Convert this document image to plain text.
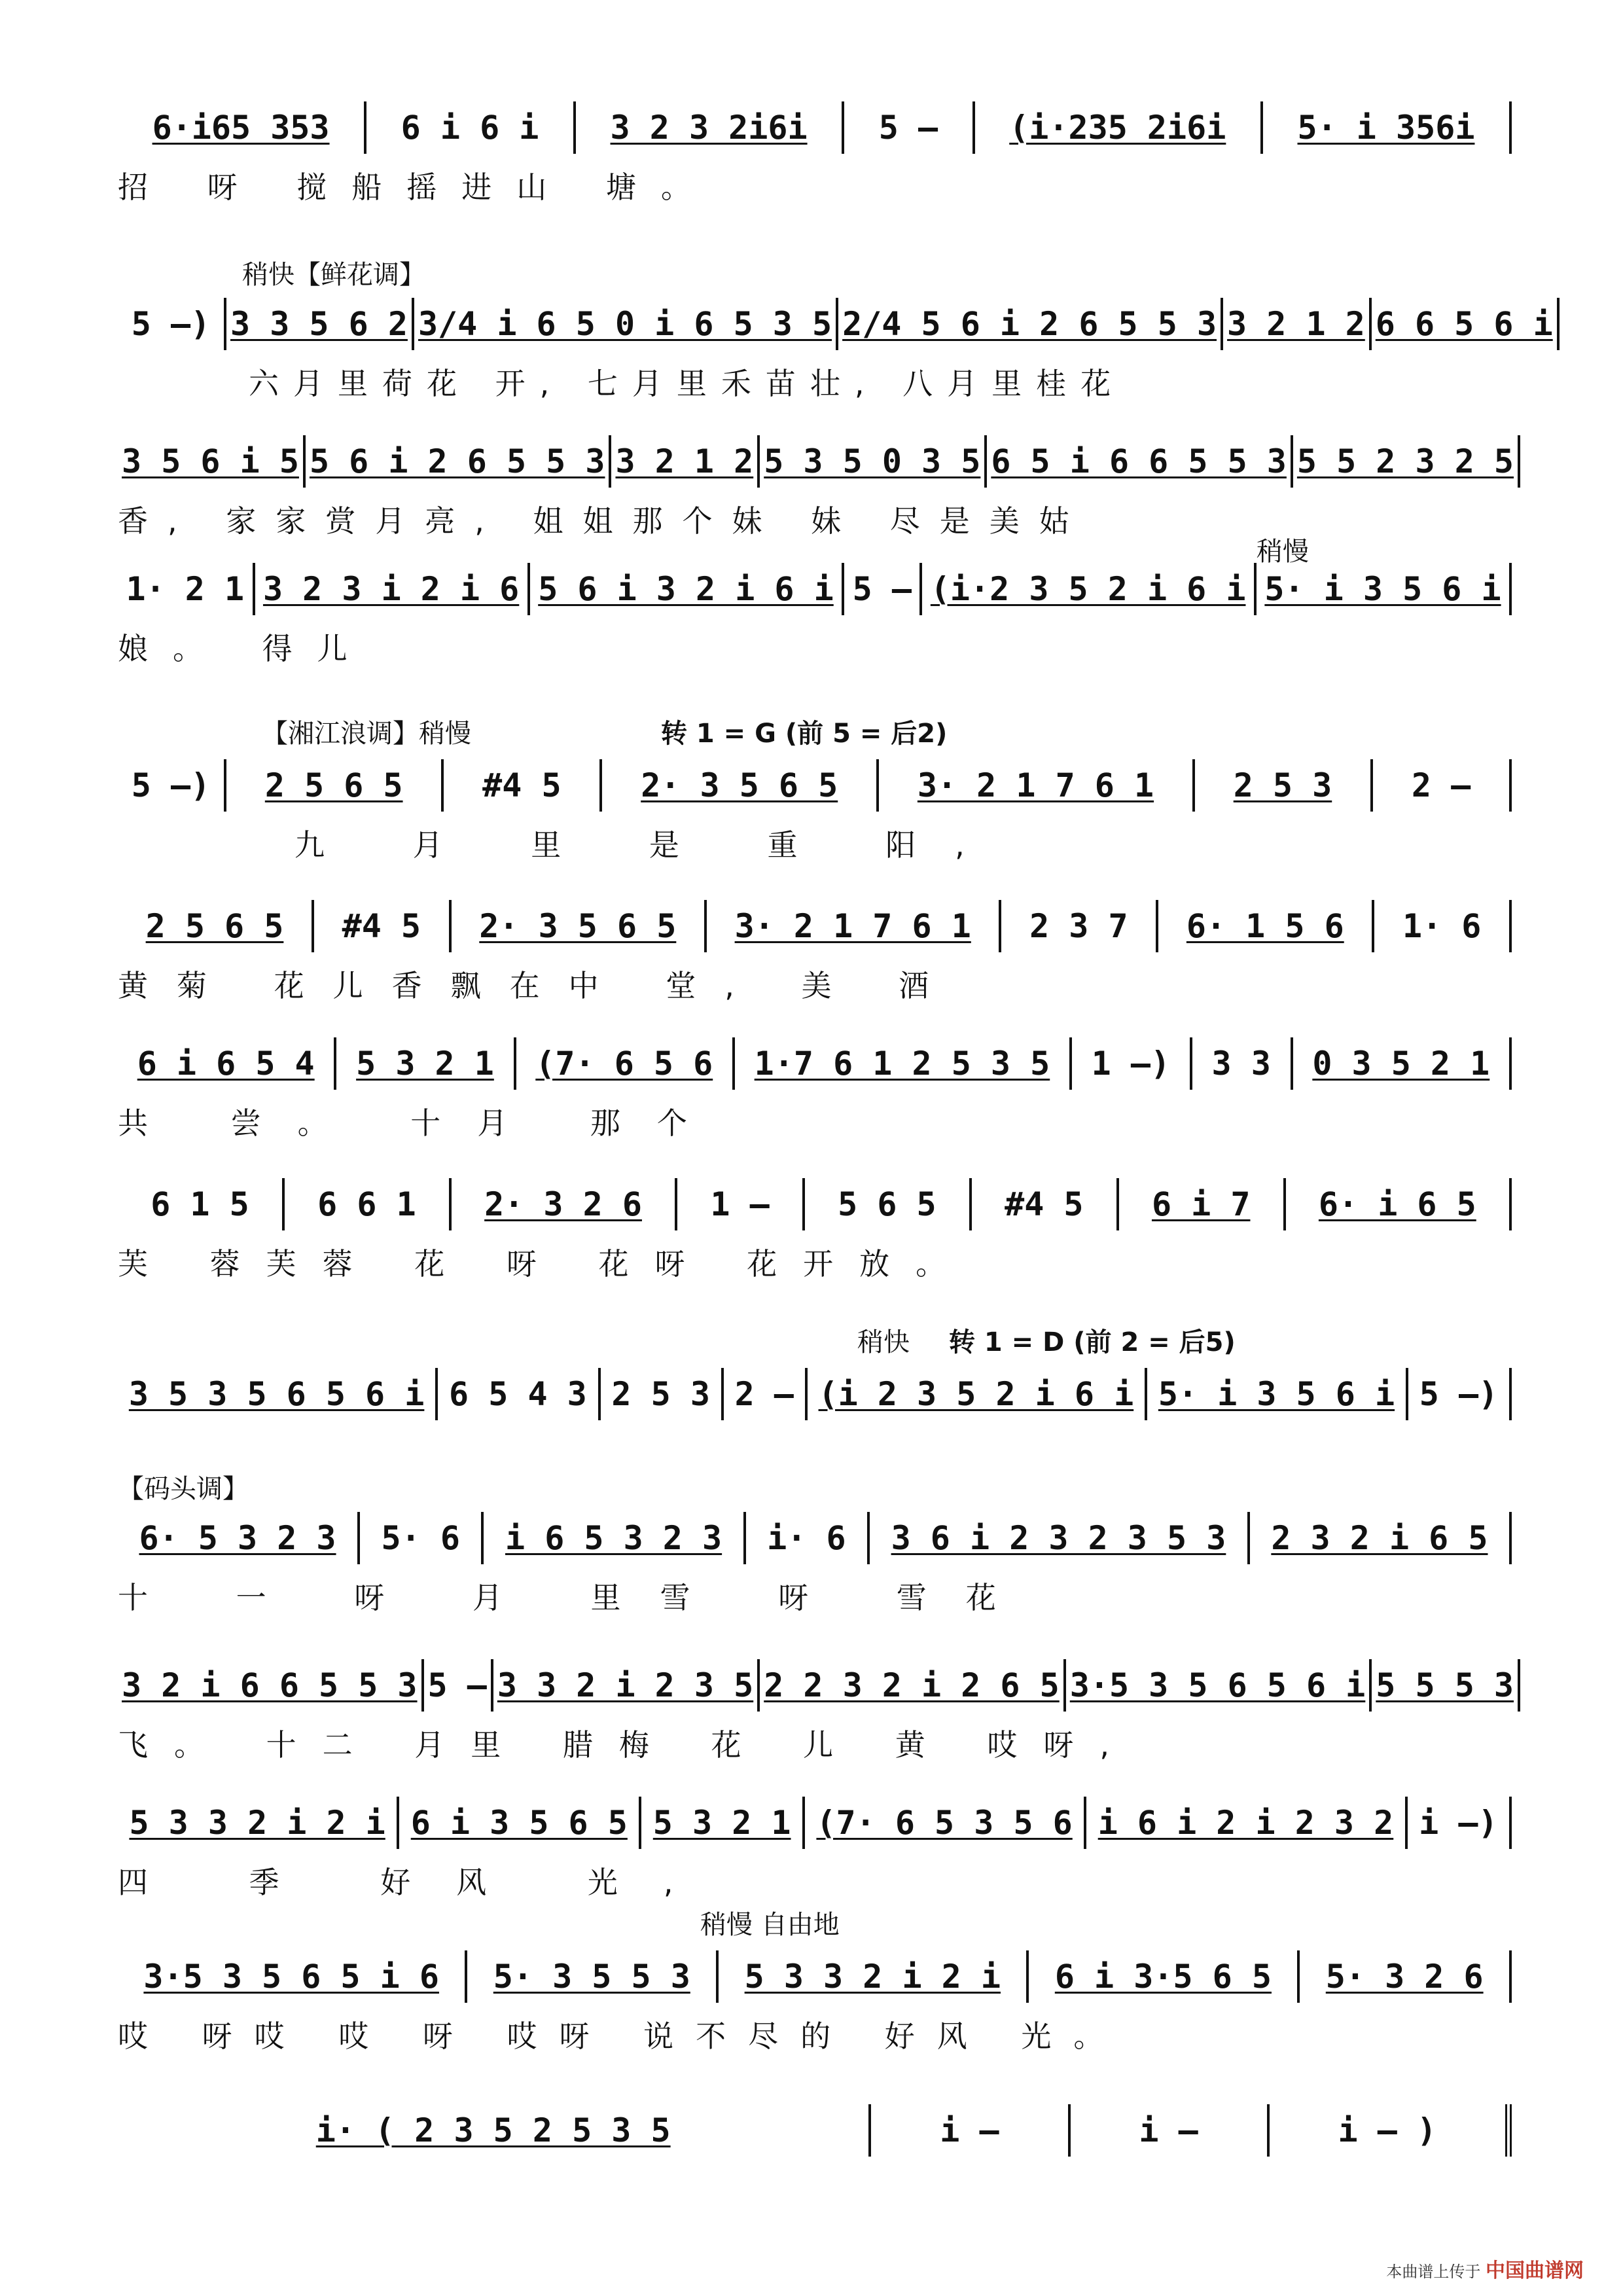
6·i65 353 6 i 6 i 3 2 3 2i6i 5 – (i·235 2i6i 5· i 356i
招 呀 搅船摇进山 塘。
稍快【鲜花调】
5 –) 3 3 5 6 2 3/4 i 6 5 0 i 6 5 3 5 2/4 5 6 i 2 6 5 5 3 3 2 1 2 6 6 5 6 i
六月里荷花 开, 七月里禾苗壮, 八月里桂花
3 5 6 i 5 5 6 i 2 6 5 5 3 3 2 1 2 5 3 5 0 3 5 6 5 i 6 6 5 5 3 5 5 2 3 2 5
香, 家家赏月亮, 姐姐那个妹 妹 尽是美姑
稍慢
1· 2 1 3 2 3 i 2 i 6 5 6 i 3 2 i 6 i 5 – (i·2 3 5 2 i 6 i 5· i 3 5 6 i
娘。 得儿
【湘江浪调】稍慢	转 1 = G (前 5 = 后2)
5 –) 2 5 6 5 #4 5 2· 3 5 6 5 3· 2 1 7 6 1 2 5 3 2 –
九 月 里 是 重 阳,
2 5 6 5 #4 5 2· 3 5 6 5 3· 2 1 7 6 1 2 3 7 6· 1 5 6 1· 6
黄菊 花儿香飘在中 堂, 美 酒
6 i 6 5 4 5 3 2 1 (7· 6 5 6 1·7 6 1 2 5 3 5 1 –) 3 3 0 3 5 2 1
共 尝。 十月 那个
6 1 5 6 6 1 2· 3 2 6 1 – 5 6 5 #4 5 6 i 7 6· i 6 5
芙 蓉芙蓉 花 呀 花呀 花开放。
稍快 转 1 = D (前 2 = 后5)
3 5 3 5 6 5 6 i 6 5 4 3 2 5 3 2 – (i 2 3 5 2 i 6 i 5· i 3 5 6 i 5 –)
【码头调】
6· 5 3 2 3 5· 6 i 6 5 3 2 3 i· 6 3 6 i 2 3 2 3 5 3 2 3 2 i 6 5
十 一 呀 月 里雪 呀 雪花
3 2 i 6 6 5 5 3 5 – 3 3 2 i 2 3 5 2 2 3 2 i 2 6 5 3·5 3 5 6 5 6 i 5 5 5 3
飞。 十二 月里 腊梅 花 儿 黄 哎呀,
5 3 3 2 i 2 i 6 i 3 5 6 5 5 3 2 1 (7· 6 5 3 5 6 i 6 i 2 i 2 3 2 i –)
四 季 好风 光,
稍慢 自由地
3·5 3 5 6 5 i 6 5· 3 5 5 3 5 3 3 2 i 2 i 6 i 3·5 6 5 5· 3 2 6
哎 呀哎 哎 呀 哎呀 说不尽的 好风 光。
i· ( 2 3 5 2 5 3 5	i –	i –	i – )
本曲谱上传于 中国曲谱网
